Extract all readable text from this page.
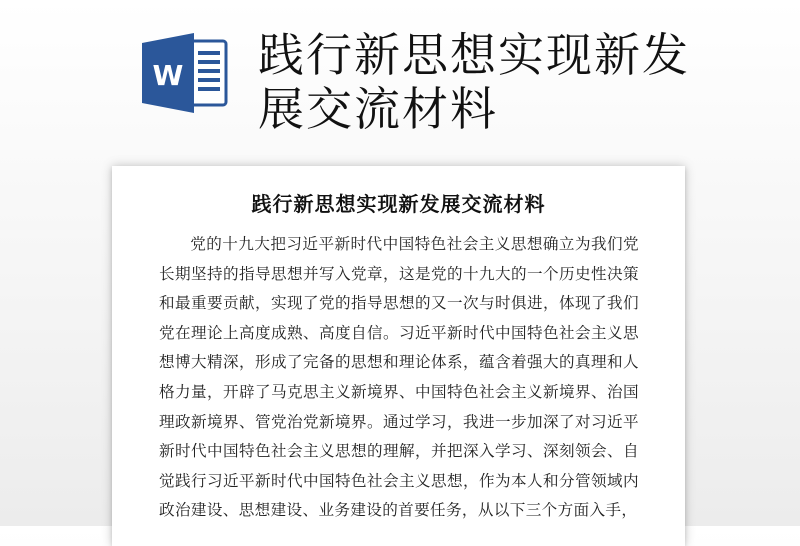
W 践行新思想实现新发展交流材料
践行新思想实现新发展交流材料
党的十九大把习近平新时代中国特色社会主义思想确立为我们党长期坚持的指导思想并写入党章，这是党的十九大的一个历史性决策和最重要贡献，实现了党的指导思想的又一次与时俱进，体现了我们党在理论上高度成熟、高度自信。习近平新时代中国特色社会主义思想博大精深，形成了完备的思想和理论体系，蕴含着强大的真理和人格力量，开辟了马克思主义新境界、中国特色社会主义新境界、治国理政新境界、管党治党新境界。通过学习，我进一步加深了对习近平新时代中国特色社会主义思想的理解，并把深入学习、深刻领会、自觉践行习近平新时代中国特色社会主义思想，作为本人和分管领域内政治建设、思想建设、业务建设的首要任务，从以下三个方面入手，
